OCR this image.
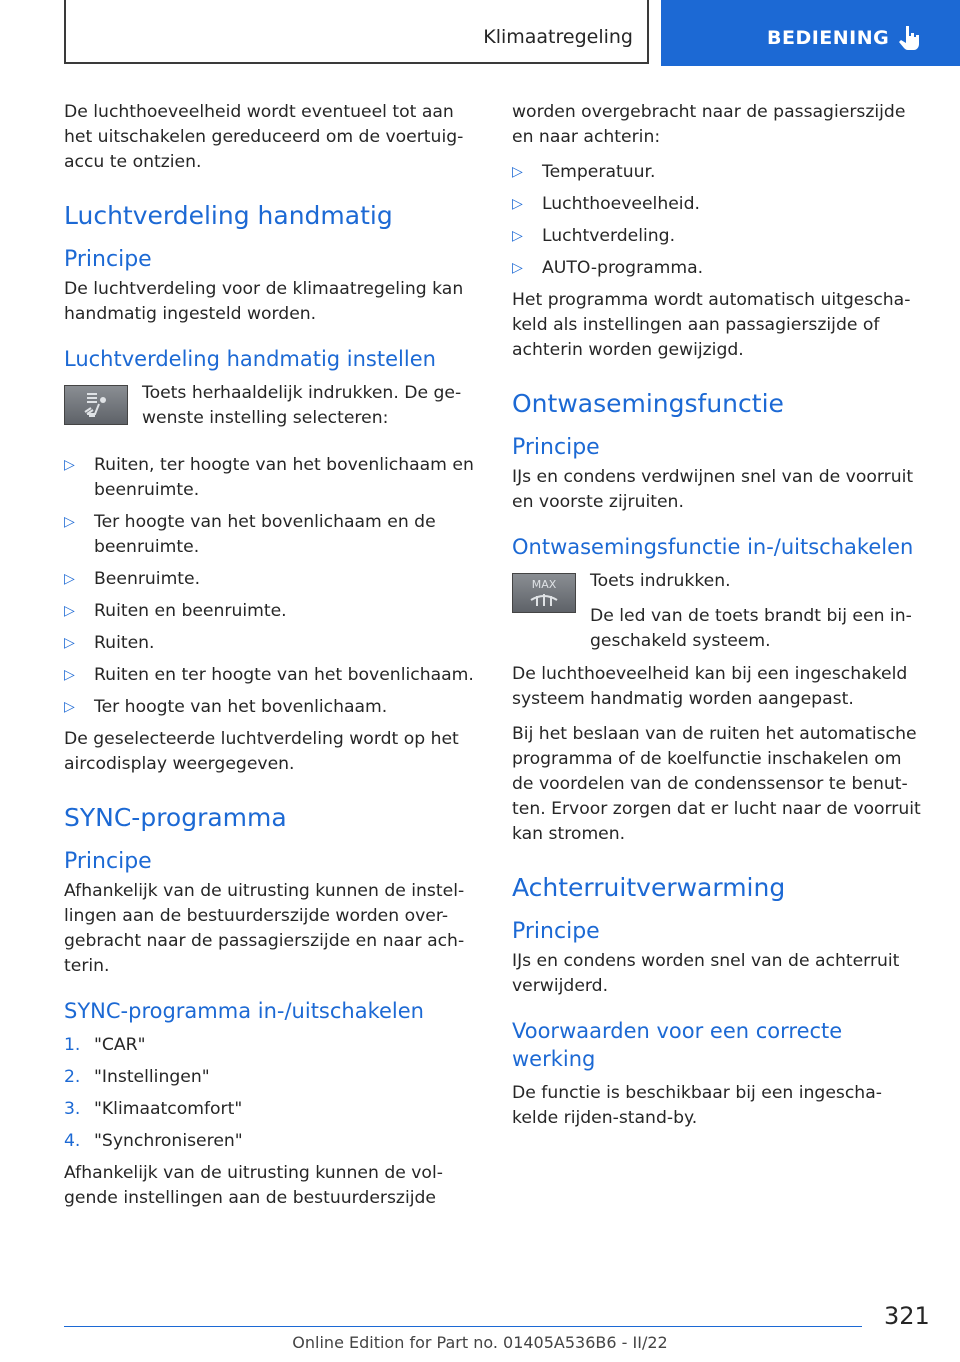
Klimaatregeling	BEDIENING

De luchthoeveelheid wordt eventueel tot aan het uitschakelen gereduceerd om de voertuig-accu te ontzien.

Luchtverdeling handmatig
Principe

De luchtverdeling voor de klimaatregeling kan handmatig ingesteld worden.

Luchtverdeling handmatig instellen

Toets herhaaldelijk indrukken. De ge-wenste instelling selecteren:

▷ Ruiten, ter hoogte van het bovenlichaam en beenruimte.
▷ Ter hoogte van het bovenlichaam en de beenruimte.
▷ Beenruimte.
▷ Ruiten en beenruimte.
▷ Ruiten.
▷ Ruiten en ter hoogte van het bovenlichaam.
▷ Ter hoogte van het bovenlichaam.

De geselecteerde luchtverdeling wordt op het aircodisplay weergegeven.

SYNC-programma
Principe

Afhankelijk van de uitrusting kunnen de instel-lingen aan de bestuurderszijde worden over-gebracht naar de passagierszijde en naar ach-terin.

SYNC-programma in-/uitschakelen
1. "CAR"
2. "Instellingen"
3. "Klimaatcomfort"
4. "Synchroniseren"

Afhankelijk van de uitrusting kunnen de vol-gende instellingen aan de bestuurderszijde

worden overgebracht naar de passagierszijde en naar achterin:

▷ Temperatuur.
▷ Luchthoeveelheid.
▷ Luchtverdeling.
▷ AUTO-programma.

Het programma wordt automatisch uitgescha-keld als instellingen aan passagierszijde of achterin worden gewijzigd.

Ontwasemingsfunctie
Principe

IJs en condens verdwijnen snel van de voorruit en voorste zijruiten.

Ontwasemingsfunctie in-/uitschakelen
MAX Toets indrukken.

De led van de toets brandt bij een in-geschakeld systeem.

De luchthoeveelheid kan bij een ingeschakeld systeem handmatig worden aangepast.

Bij het beslaan van de ruiten het automatische programma of de koelfunctie inschakelen om de voordelen van de condenssensor te benut-ten. Ervoor zorgen dat er lucht naar de voorruit kan stromen.

Achterruitverwarming
Principe

IJs en condens worden snel van de achterruit verwijderd.

Voorwaarden voor een correcte werking

De functie is beschikbaar bij een ingescha-kelde rijden-stand-by.

321
Online Edition for Part no. 01405A536B6 - II/22
